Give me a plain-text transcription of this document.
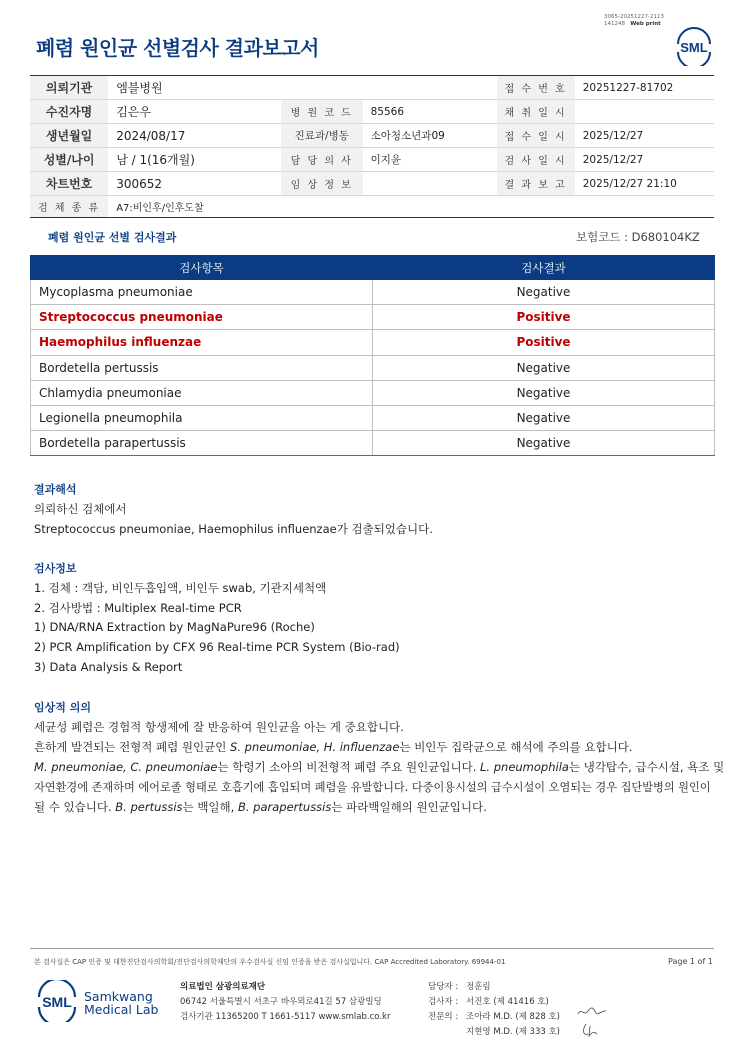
3065-20251227-2113
141248 Web print
폐렴 원인균 선별검사 결과보고서	SML
의뢰기관	엠블병원			접 수 번 호	20251227-81702
수진자명	김은우	병 원 코 드	85566	채 취 일 시	
생년월일	2024/08/17	진료과/병동	소아청소년과09	접 수 일 시	2025/12/27
성별/나이	남 / 1(16개월)	담 당 의 사	이지윤	검 사 일 시	2025/12/27
차트번호	300652	임 상 정 보		결 과 보 고	2025/12/27 21:10
검 체 종 류	A7:비인후/인후도찰				
폐렴 원인균 선별 검사결과	보험코드 : D680104KZ
검사항목	검사결과
Mycoplasma pneumoniae	Negative
Streptococcus pneumoniae	Positive
Haemophilus influenzae	Positive
Bordetella pertussis	Negative
Chlamydia pneumoniae	Negative
Legionella pneumophila	Negative
Bordetella parapertussis	Negative
결과해석
의뢰하신 검체에서
Streptococcus pneumoniae, Haemophilus influenzae가 검출되었습니다.
검사정보
1. 검체 : 객담, 비인두흡입액, 비인두 swab, 기관지세척액
2. 검사방법 : Multiplex Real-time PCR
1) DNA/RNA Extraction by MagNaPure96 (Roche)
2) PCR Amplification by CFX 96 Real-time PCR System (Bio-rad)
3) Data Analysis & Report
임상적 의의
세균성 폐렴은 경험적 항생제에 잘 반응하여 원인균을 아는 게 중요합니다.
흔하게 발견되는 전형적 폐렴 원인균인 S. pneumoniae, H. influenzae는 비인두 집락균으로 해석에 주의를 요합니다.
M. pneumoniae, C. pneumoniae는 학령기 소아의 비전형적 폐렴 주요 원인균입니다. L. pneumophila는 냉각탑수, 급수시설, 욕조 및
자연환경에 존재하며 에어로졸 형태로 호흡기에 흡입되며 폐렴을 유발합니다. 다중이용시설의 급수시설이 오염되는 경우 집단발병의 원인이
될 수 있습니다. B. pertussis는 백일해, B. parapertussis는 파라백일해의 원인균입니다.
본 검사실은 CAP 인증 및 대한진단검사의학회/진단검사의학재단의 우수검사실 신임 인증을 받은 검사실입니다. CAP Accredited Laboratory. 69944-01	Page 1 of 1
SML Samkwang
Medical Lab
의료법인 삼광의료재단
06742 서울특별시 서초구 바우뫼로41길 57 삼광빌딩
검사기관 11365200 T 1661-5117 www.smlab.co.kr
담당자 : 정훈림
검사자 : 서진호 (제 41416 호)
전문의 : 조아라 M.D. (제 828 호)
지현영 M.D. (제 333 호)
